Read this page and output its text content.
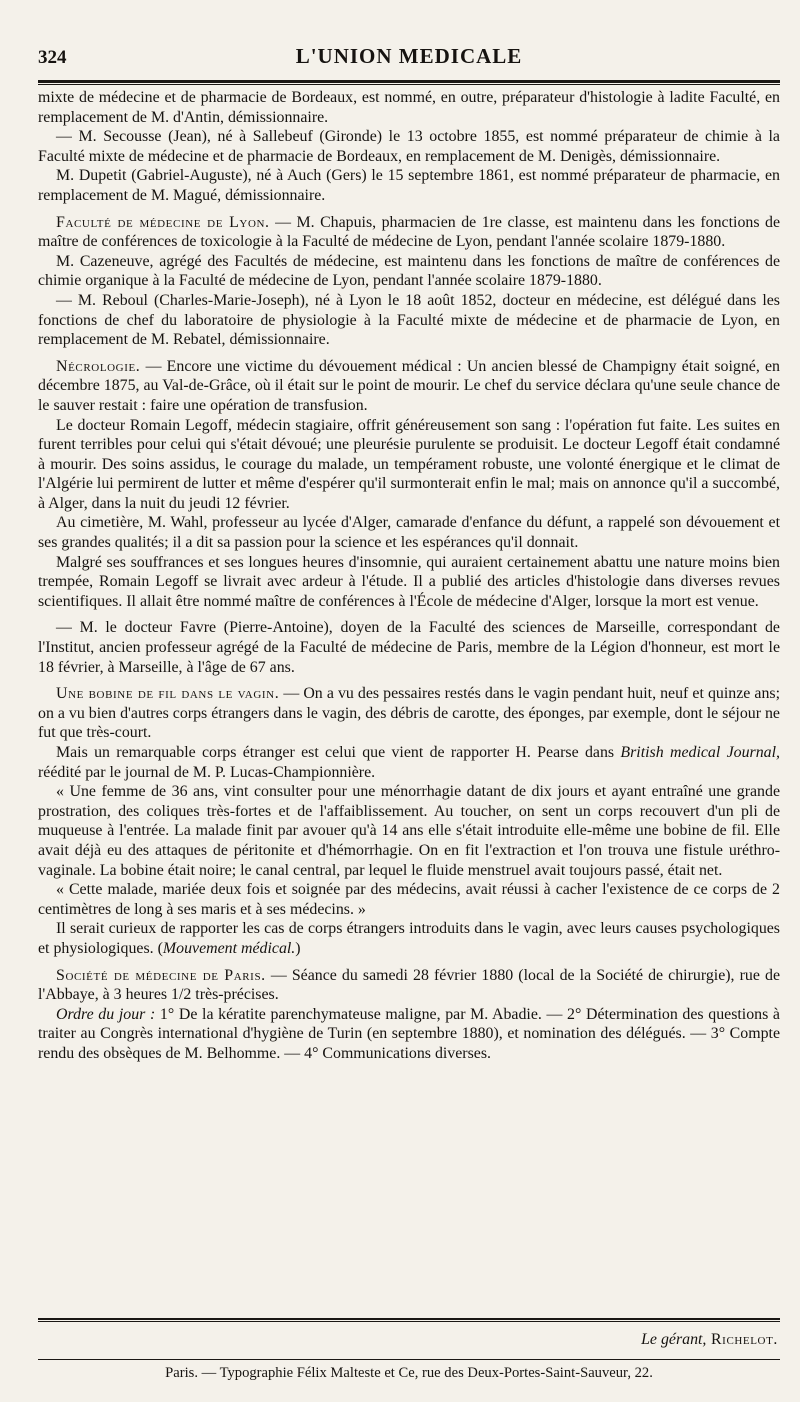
324	L'UNION MEDICALE

mixte de médecine et de pharmacie de Bordeaux, est nommé, en outre, préparateur d'histologie à ladite Faculté, en remplacement de M. d'Antin, démissionnaire.

— M. Secousse (Jean), né à Sallebeuf (Gironde) le 13 octobre 1855, est nommé préparateur de chimie à la Faculté mixte de médecine et de pharmacie de Bordeaux, en remplacement de M. Denigès, démissionnaire.

M. Dupetit (Gabriel-Auguste), né à Auch (Gers) le 15 septembre 1861, est nommé préparateur de pharmacie, en remplacement de M. Magué, démissionnaire.

Faculté de médecine de Lyon. — M. Chapuis, pharmacien de 1re classe, est maintenu dans les fonctions de maître de conférences de toxicologie à la Faculté de médecine de Lyon, pendant l'année scolaire 1879-1880.

M. Cazeneuve, agrégé des Facultés de médecine, est maintenu dans les fonctions de maître de conférences de chimie organique à la Faculté de médecine de Lyon, pendant l'année scolaire 1879-1880.

— M. Reboul (Charles-Marie-Joseph), né à Lyon le 18 août 1852, docteur en médecine, est délégué dans les fonctions de chef du laboratoire de physiologie à la Faculté mixte de médecine et de pharmacie de Lyon, en remplacement de M. Rebatel, démissionnaire.

Nécrologie. — Encore une victime du dévouement médical : Un ancien blessé de Champigny était soigné, en décembre 1875, au Val-de-Grâce, où il était sur le point de mourir. Le chef du service déclara qu'une seule chance de le sauver restait : faire une opération de transfusion.

Le docteur Romain Legoff, médecin stagiaire, offrit généreusement son sang : l'opération fut faite. Les suites en furent terribles pour celui qui s'était dévoué; une pleurésie purulente se produisit. Le docteur Legoff était condamné à mourir. Des soins assidus, le courage du malade, un tempérament robuste, une volonté énergique et le climat de l'Algérie lui permirent de lutter et même d'espérer qu'il surmonterait enfin le mal; mais on annonce qu'il a succombé, à Alger, dans la nuit du jeudi 12 février.

Au cimetière, M. Wahl, professeur au lycée d'Alger, camarade d'enfance du défunt, a rappelé son dévouement et ses grandes qualités; il a dit sa passion pour la science et les espérances qu'il donnait.

Malgré ses souffrances et ses longues heures d'insomnie, qui auraient certainement abattu une nature moins bien trempée, Romain Legoff se livrait avec ardeur à l'étude. Il a publié des articles d'histologie dans diverses revues scientifiques. Il allait être nommé maître de conférences à l'École de médecine d'Alger, lorsque la mort est venue.

— M. le docteur Favre (Pierre-Antoine), doyen de la Faculté des sciences de Marseille, correspondant de l'Institut, ancien professeur agrégé de la Faculté de médecine de Paris, membre de la Légion d'honneur, est mort le 18 février, à Marseille, à l'âge de 67 ans.

Une bobine de fil dans le vagin. — On a vu des pessaires restés dans le vagin pendant huit, neuf et quinze ans; on a vu bien d'autres corps étrangers dans le vagin, des débris de carotte, des éponges, par exemple, dont le séjour ne fut que très-court.

Mais un remarquable corps étranger est celui que vient de rapporter H. Pearse dans British medical Journal, réédité par le journal de M. P. Lucas-Championnière.

« Une femme de 36 ans, vint consulter pour une ménorrhagie datant de dix jours et ayant entraîné une grande prostration, des coliques très-fortes et de l'affaiblissement. Au toucher, on sent un corps recouvert d'un pli de muqueuse à l'entrée. La malade finit par avouer qu'à 14 ans elle s'était introduite elle-même une bobine de fil. Elle avait déjà eu des attaques de péritonite et d'hémorrhagie. On en fit l'extraction et l'on trouva une fistule uréthro-vaginale. La bobine était noire; le canal central, par lequel le fluide menstruel avait toujours passé, était net.

« Cette malade, mariée deux fois et soignée par des médecins, avait réussi à cacher l'existence de ce corps de 2 centimètres de long à ses maris et à ses médecins. »

Il serait curieux de rapporter les cas de corps étrangers introduits dans le vagin, avec leurs causes psychologiques et physiologiques. (Mouvement médical.)

Société de médecine de Paris. — Séance du samedi 28 février 1880 (local de la Société de chirurgie), rue de l'Abbaye, à 3 heures 1/2 très-précises.

Ordre du jour : 1° De la kératite parenchymateuse maligne, par M. Abadie. — 2° Détermination des questions à traiter au Congrès international d'hygiène de Turin (en septembre 1880), et nomination des délégués. — 3° Compte rendu des obsèques de M. Belhomme. — 4° Communications diverses.

Le gérant, Richelot.
Paris. — Typographie Félix Malteste et Ce, rue des Deux-Portes-Saint-Sauveur, 22.
